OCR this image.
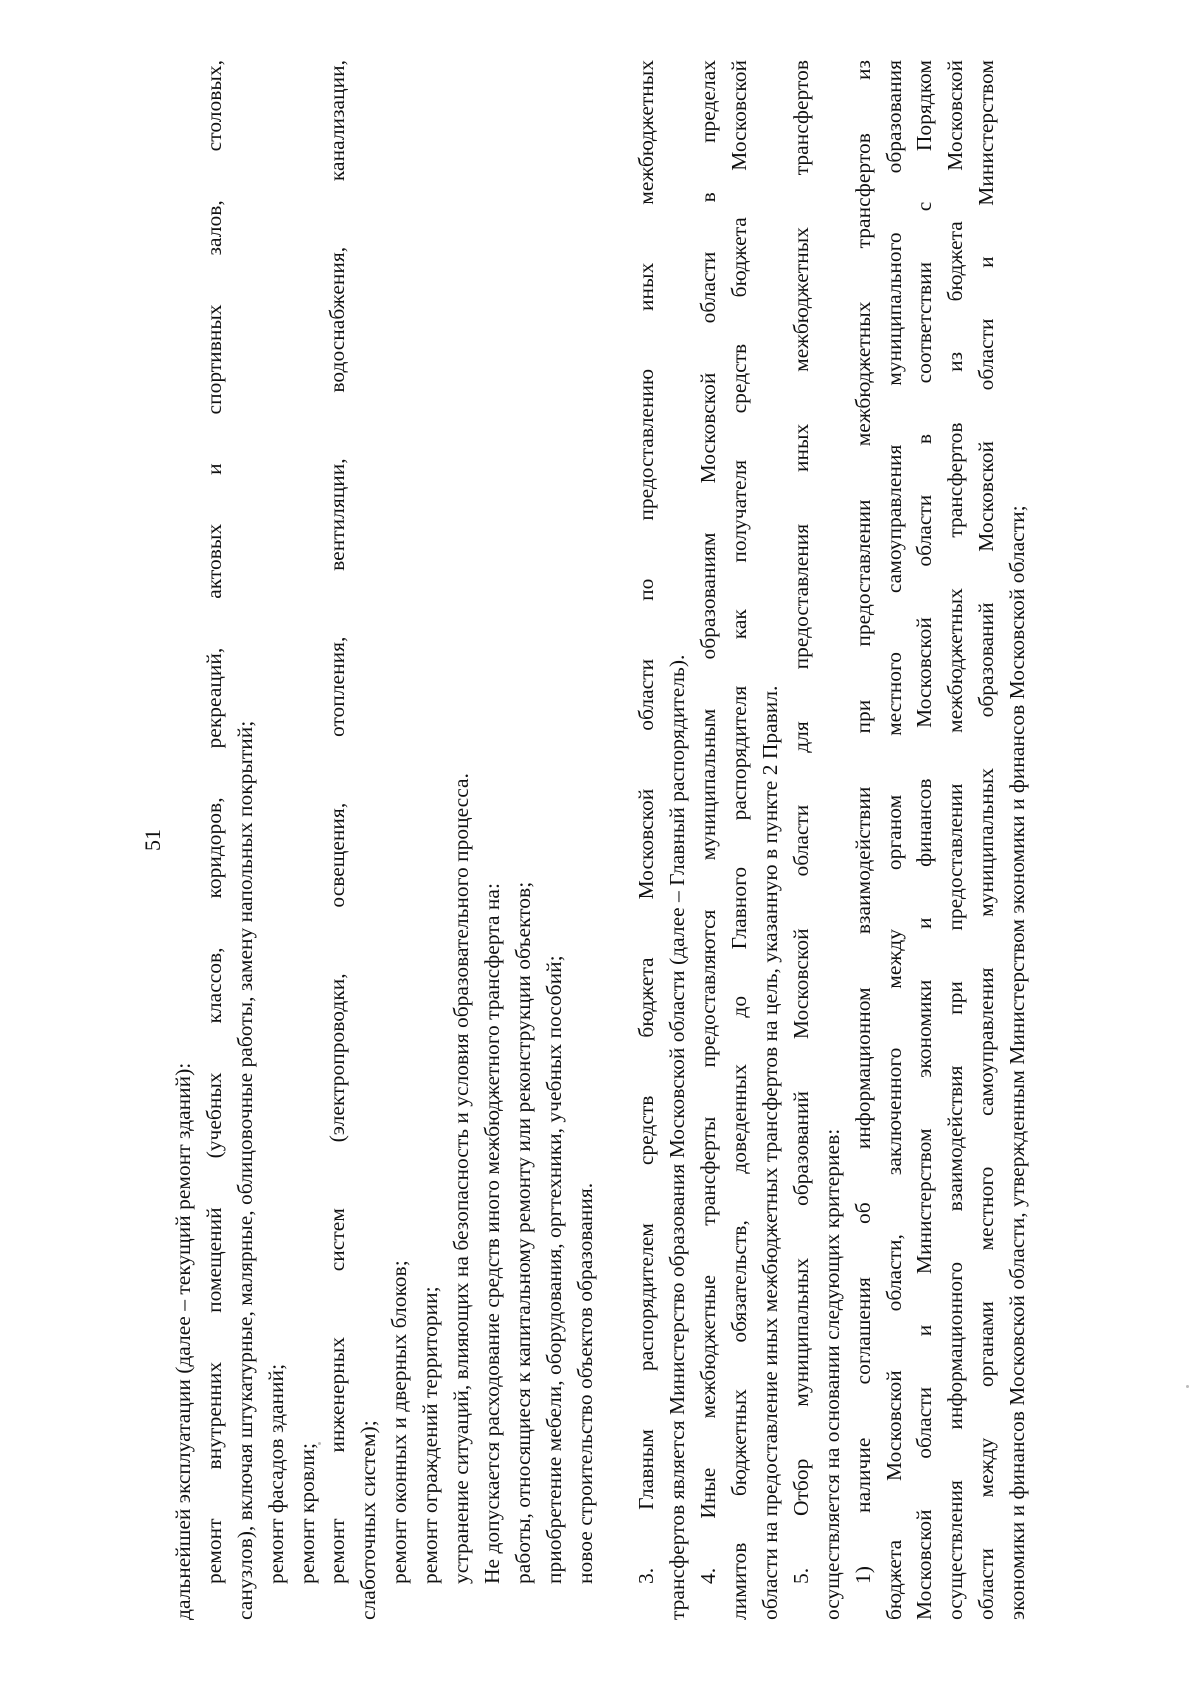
51
дальнейшей эксплуатации (далее – текущий ремонт зданий): ремонт внутренних помещений (учебных классов, коридоров, рекреаций, актовых и спортивных залов, столовых, санузлов), включая штукатурные, малярные, облицовочные работы, замену напольных покрытий; ремонт фасадов зданий; ремонт кровли; ремонт инженерных систем (электропроводки, освещения, отопления, вентиляции, водоснабжения, канализации, слаботочных систем); ремонт оконных и дверных блоков; ремонт ограждений территории; устранение ситуаций, влияющих на безопасность и условия образовательного процесса. Не допускается расходование средств иного межбюджетного трансферта на: работы, относящиеся к капитальному ремонту или реконструкции объектов; приобретение мебели, оборудования, оргтехники, учебных пособий; новое строительство объектов образования. 3. Главным распорядителем средств бюджета Московской области по предоставлению иных межбюджетных трансфертов является Министерство образования Московской области (далее – Главный распорядитель). 4. Иные межбюджетные трансферты предоставляются муниципальным образованиям Московской области в пределах лимитов бюджетных обязательств, доведенных до Главного распорядителя как получателя средств бюджета Московской области на предоставление иных межбюджетных трансфертов на цель, указанную в пункте 2 Правил. 5. Отбор муниципальных образований Московской области для предоставления иных межбюджетных трансфертов осуществляется на основании следующих критериев: 1) наличие соглашения об информационном взаимодействии при предоставлении межбюджетных трансфертов из бюджета Московской области, заключенного между органом местного самоуправления муниципального образования Московской области и Министерством экономики и финансов Московской области в соответствии с Порядком осуществления информационного взаимодействия при предоставлении межбюджетных трансфертов из бюджета Московской области между органами местного самоуправления муниципальных образований Московской области и Министерством экономики и финансов Московской области, утвержденным Министерством экономики и финансов Московской области;
